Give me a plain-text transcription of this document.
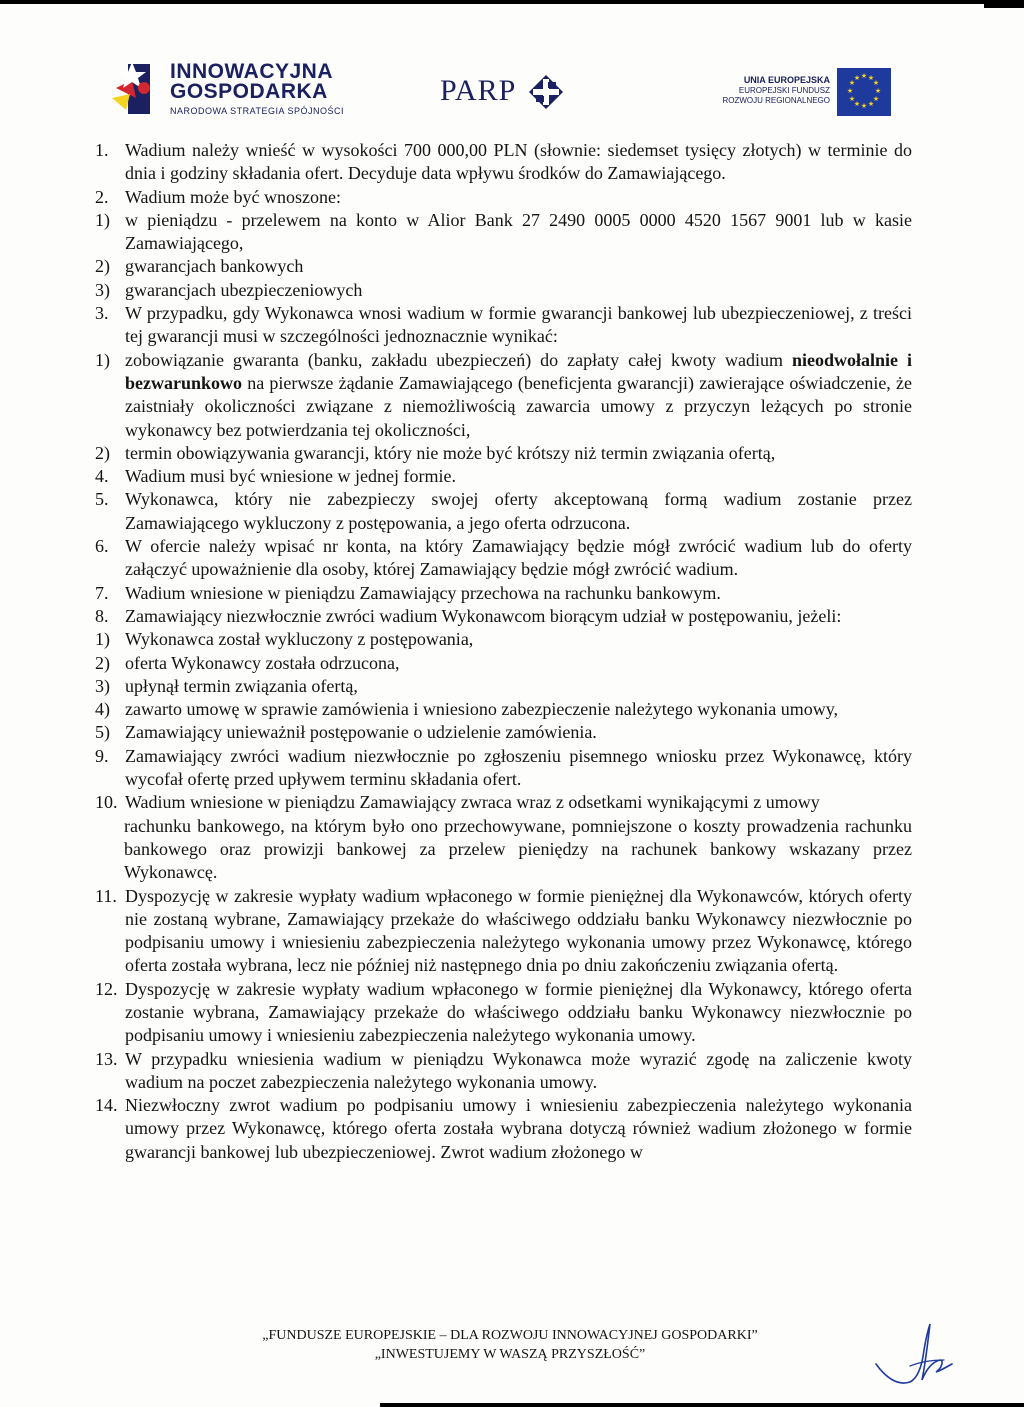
INNOWACYJNA
GOSPODARKA
NARODOWA STRATEGIA SPÓJNOŚCI
PARP	UNIA EUROPEJSKA
EUROPEJSKI FUNDUSZ
ROZWOJU REGIONALNEGO
★ ★
★
★
★
★
★
★
★
★
★
★
1. Wadium należy wnieść w wysokości 700 000,00 PLN (słownie: siedemset tysięcy złotych) w terminie do dnia i godziny składania ofert. Decyduje data wpływu środków do Zamawiającego.
2. Wadium może być wnoszone:
1) w pieniądzu - przelewem na konto w Alior Bank 27 2490 0005 0000 4520 1567 9001 lub w kasie Zamawiającego,
2) gwarancjach bankowych
3) gwarancjach ubezpieczeniowych
3. W przypadku, gdy Wykonawca wnosi wadium w formie gwarancji bankowej lub ubezpieczeniowej, z treści tej gwarancji musi w szczególności jednoznacznie wynikać:
1) zobowiązanie gwaranta (banku, zakładu ubezpieczeń) do zapłaty całej kwoty wadium nieodwołalnie i bezwarunkowo na pierwsze żądanie Zamawiającego (beneficjenta gwarancji) zawierające oświadczenie, że zaistniały okoliczności związane z niemożliwością zawarcia umowy z przyczyn leżących po stronie wykonawcy bez potwierdzania tej okoliczności,
2) termin obowiązywania gwarancji, który nie może być krótszy niż termin związania ofertą,
4. Wadium musi być wniesione w jednej formie.
5. Wykonawca, który nie zabezpieczy swojej oferty akceptowaną formą wadium zostanie przez Zamawiającego wykluczony z postępowania, a jego oferta odrzucona.
6. W ofercie należy wpisać nr konta, na który Zamawiający będzie mógł zwrócić wadium lub do oferty załączyć upoważnienie dla osoby, której Zamawiający będzie mógł zwrócić wadium.
7. Wadium wniesione w pieniądzu Zamawiający przechowa na rachunku bankowym.
8. Zamawiający niezwłocznie zwróci wadium Wykonawcom biorącym udział w postępowaniu, jeżeli:
1) Wykonawca został wykluczony z postępowania,
2) oferta Wykonawcy została odrzucona,
3) upłynął termin związania ofertą,
4) zawarto umowę w sprawie zamówienia i wniesiono zabezpieczenie należytego wykonania umowy,
5) Zamawiający unieważnił postępowanie o udzielenie zamówienia.
9. Zamawiający zwróci wadium niezwłocznie po zgłoszeniu pisemnego wniosku przez Wykonawcę, który wycofał ofertę przed upływem terminu składania ofert.
10. Wadium wniesione w pieniądzu Zamawiający zwraca wraz z odsetkami wynikającymi z umowy
rachunku bankowego, na którym było ono przechowywane, pomniejszone o koszty prowadzenia rachunku bankowego oraz prowizji bankowej za przelew pieniędzy na rachunek bankowy wskazany przez Wykonawcę.
11. Dyspozycję w zakresie wypłaty wadium wpłaconego w formie pieniężnej dla Wykonawców, których oferty nie zostaną wybrane, Zamawiający przekaże do właściwego oddziału banku Wykonawcy niezwłocznie po podpisaniu umowy i wniesieniu zabezpieczenia należytego wykonania umowy przez Wykonawcę, którego oferta została wybrana, lecz nie później niż następnego dnia po dniu zakończeniu związania ofertą.
12. Dyspozycję w zakresie wypłaty wadium wpłaconego w formie pieniężnej dla Wykonawcy, którego oferta zostanie wybrana, Zamawiający przekaże do właściwego oddziału banku Wykonawcy niezwłocznie po podpisaniu umowy i wniesieniu zabezpieczenia należytego wykonania umowy.
13. W przypadku wniesienia wadium w pieniądzu Wykonawca może wyrazić zgodę na zaliczenie kwoty wadium na poczet zabezpieczenia należytego wykonania umowy.
14. Niezwłoczny zwrot wadium po podpisaniu umowy i wniesieniu zabezpieczenia należytego wykonania umowy przez Wykonawcę, którego oferta została wybrana dotyczą również wadium złożonego w formie gwarancji bankowej lub ubezpieczeniowej. Zwrot wadium złożonego w
„FUNDUSZE EUROPEJSKIE – DLA ROZWOJU INNOWACYJNEJ GOSPODARKI”
„INWESTUJEMY W WASZĄ PRZYSZŁOŚĆ”
